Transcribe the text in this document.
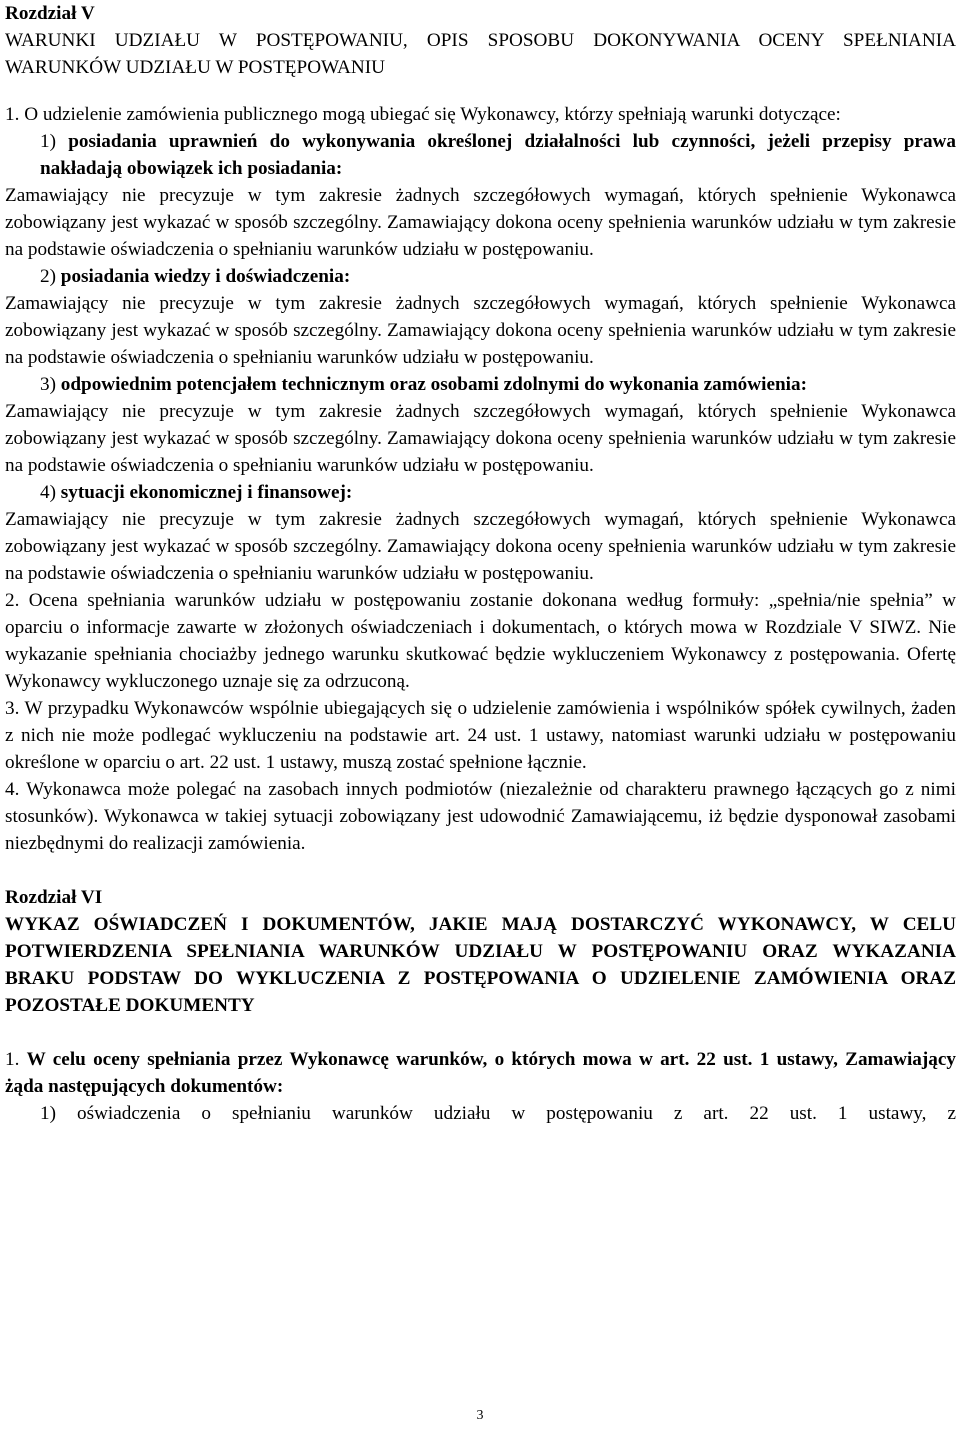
Rozdział V

WARUNKI UDZIAŁU W POSTĘPOWANIU, OPIS SPOSOBU DOKONYWANIA OCENY SPEŁNIANIA WARUNKÓW UDZIAŁU W POSTĘPOWANIU

1. O udzielenie zamówienia publicznego mogą ubiegać się Wykonawcy, którzy spełniają warunki dotyczące:

1) posiadania uprawnień do wykonywania określonej działalności lub czynności, jeżeli przepisy prawa nakładają obowiązek ich posiadania:

Zamawiający nie precyzuje w tym zakresie żadnych szczegółowych wymagań, których spełnienie Wykonawca zobowiązany jest wykazać w sposób szczególny. Zamawiający dokona oceny spełnienia warunków udziału w tym zakresie na podstawie oświadczenia o spełnianiu warunków udziału w postępowaniu.

2) posiadania wiedzy i doświadczenia:

Zamawiający nie precyzuje w tym zakresie żadnych szczegółowych wymagań, których spełnienie Wykonawca zobowiązany jest wykazać w sposób szczególny. Zamawiający dokona oceny spełnienia warunków udziału w tym zakresie na podstawie oświadczenia o spełnianiu warunków udziału w postępowaniu.

3) odpowiednim potencjałem technicznym oraz osobami zdolnymi do wykonania zamówienia:

Zamawiający nie precyzuje w tym zakresie żadnych szczegółowych wymagań, których spełnienie Wykonawca zobowiązany jest wykazać w sposób szczególny. Zamawiający dokona oceny spełnienia warunków udziału w tym zakresie na podstawie oświadczenia o spełnianiu warunków udziału w postępowaniu.

4) sytuacji ekonomicznej i finansowej:

Zamawiający nie precyzuje w tym zakresie żadnych szczegółowych wymagań, których spełnienie Wykonawca zobowiązany jest wykazać w sposób szczególny. Zamawiający dokona oceny spełnienia warunków udziału w tym zakresie na podstawie oświadczenia o spełnianiu warunków udziału w postępowaniu.

2. Ocena spełniania warunków udziału w postępowaniu zostanie dokonana według formuły: „spełnia/nie spełnia” w oparciu o informacje zawarte w złożonych oświadczeniach i dokumentach, o których mowa w Rozdziale V SIWZ. Nie wykazanie spełniania chociażby jednego warunku skutkować będzie wykluczeniem Wykonawcy z postępowania. Ofertę Wykonawcy wykluczonego uznaje się za odrzuconą.

3. W przypadku Wykonawców wspólnie ubiegających się o udzielenie zamówienia i wspólników spółek cywilnych, żaden z nich nie może podlegać wykluczeniu na podstawie art. 24 ust. 1 ustawy, natomiast warunki udziału w postępowaniu określone w oparciu o art. 22 ust. 1 ustawy, muszą zostać spełnione łącznie.

4. Wykonawca może polegać na zasobach innych podmiotów (niezależnie od charakteru prawnego łączących go z nimi stosunków). Wykonawca w takiej sytuacji zobowiązany jest udowodnić Zamawiającemu, iż będzie dysponował zasobami niezbędnymi do realizacji zamówienia.

Rozdział VI

WYKAZ OŚWIADCZEŃ I DOKUMENTÓW, JAKIE MAJĄ DOSTARCZYĆ WYKONAWCY, W CELU POTWIERDZENIA SPEŁNIANIA WARUNKÓW UDZIAŁU W POSTĘPOWANIU ORAZ WYKAZANIA BRAKU PODSTAW DO WYKLUCZENIA Z POSTĘPOWANIA O UDZIELENIE ZAMÓWIENIA ORAZ POZOSTAŁE DOKUMENTY

1. W celu oceny spełniania przez Wykonawcę warunków, o których mowa w art. 22 ust. 1 ustawy, Zamawiający żąda następujących dokumentów:

1) oświadczenia o spełnianiu warunków udziału w postępowaniu z art. 22 ust. 1 ustawy, z

3
